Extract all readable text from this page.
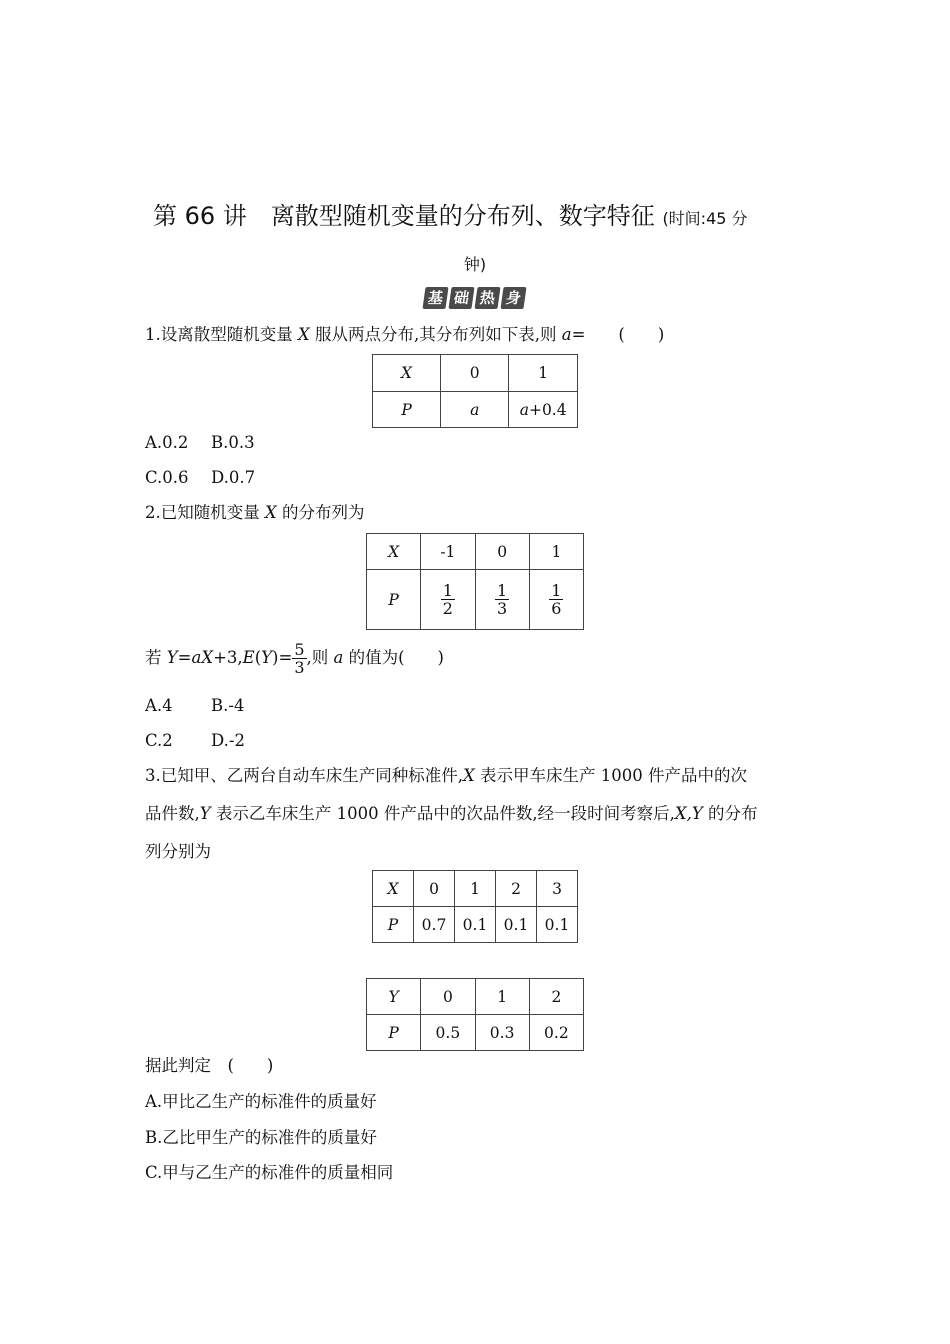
第 66 讲　离散型随机变量的分布列、数字特征 (时间:45 分
钟)
基 础 热 身
1.设离散型随机变量 X 服从两点分布,其分布列如下表,则 a=　　(　　)
X	0	1
P	a	a+0.4
A.0.2 B.0.3
C.0.6 D.0.7
2.已知随机变量 X 的分布列为
X	-1	0	1
P	$\frac{1}{2}$	$\frac{1}{3}$	$\frac{1}{6}$
若 $Y=aX+3,E(Y)= \frac{5}{3}$ ,则 a 的值为(　　)
A.4 B.-4
C.2 D.-2
3.已知甲、乙两台自动车床生产同种标准件,X 表示甲车床生产 1000 件产品中的次
品件数,Y 表示乙车床生产 1000 件产品中的次品件数,经一段时间考察后,X,Y 的分布
列分别为
X	0	1	2	3
P	0.7	0.1	0.1	0.1
Y	0	1	2
P	0.5	0.3	0.2
据此判定　(　　)
A.甲比乙生产的标准件的质量好
B.乙比甲生产的标准件的质量好
C.甲与乙生产的标准件的质量相同
